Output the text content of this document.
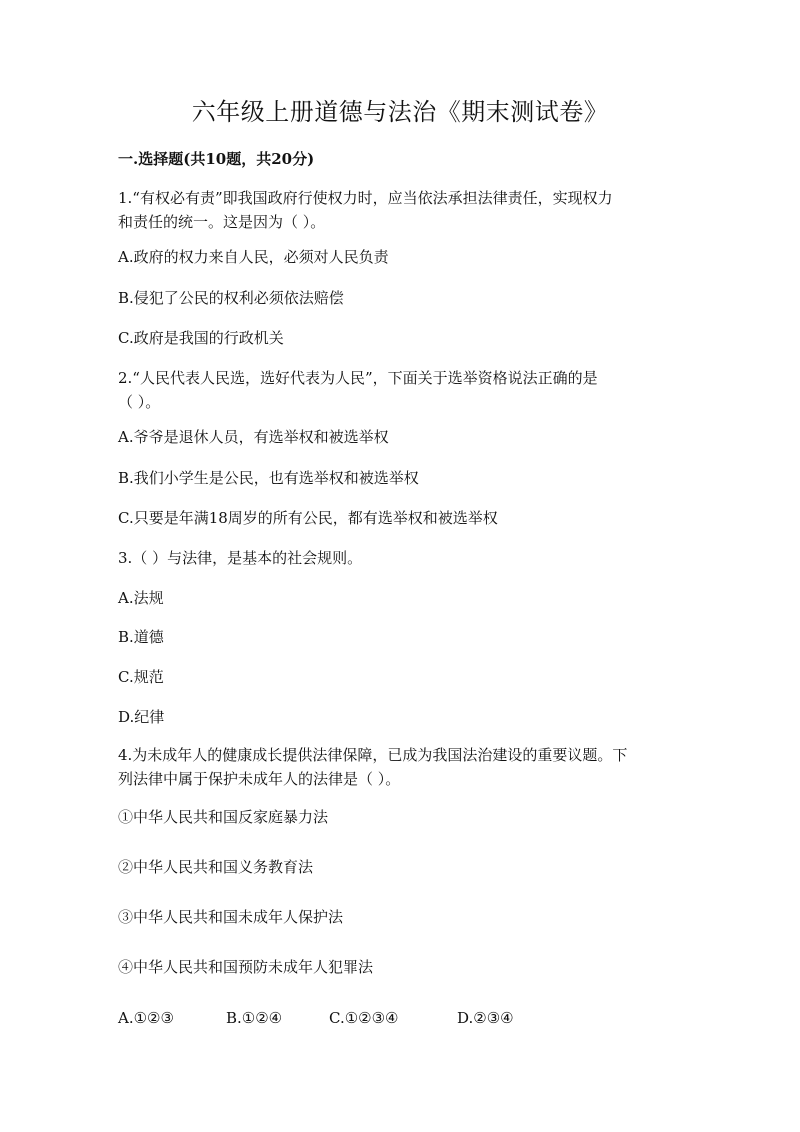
六年级上册道德与法治《期末测试卷》
一.选择题(共10题，共20分)
1.“有权必有责”即我国政府行使权力时，应当依法承担法律责任，实现权力
和责任的统一。这是因为（ ）。
A.政府的权力来自人民，必须对人民负责
B.侵犯了公民的权利必须依法赔偿
C.政府是我国的行政机关
2.“人民代表人民选，选好代表为人民”，下面关于选举资格说法正确的是
（ ）。
A.爷爷是退休人员，有选举权和被选举权
B.我们小学生是公民，也有选举权和被选举权
C.只要是年满18周岁的所有公民，都有选举权和被选举权
3.（ ）与法律，是基本的社会规则。
A.法规
B.道德
C.规范
D.纪律
4.为未成年人的健康成长提供法律保障，已成为我国法治建设的重要议题。下
列法律中属于保护未成年人的法律是（ ）。
①中华人民共和国反家庭暴力法
②中华人民共和国义务教育法
③中华人民共和国未成年人保护法
④中华人民共和国预防未成年人犯罪法
A.①②③	B.①②④	C.①②③④	D.②③④
